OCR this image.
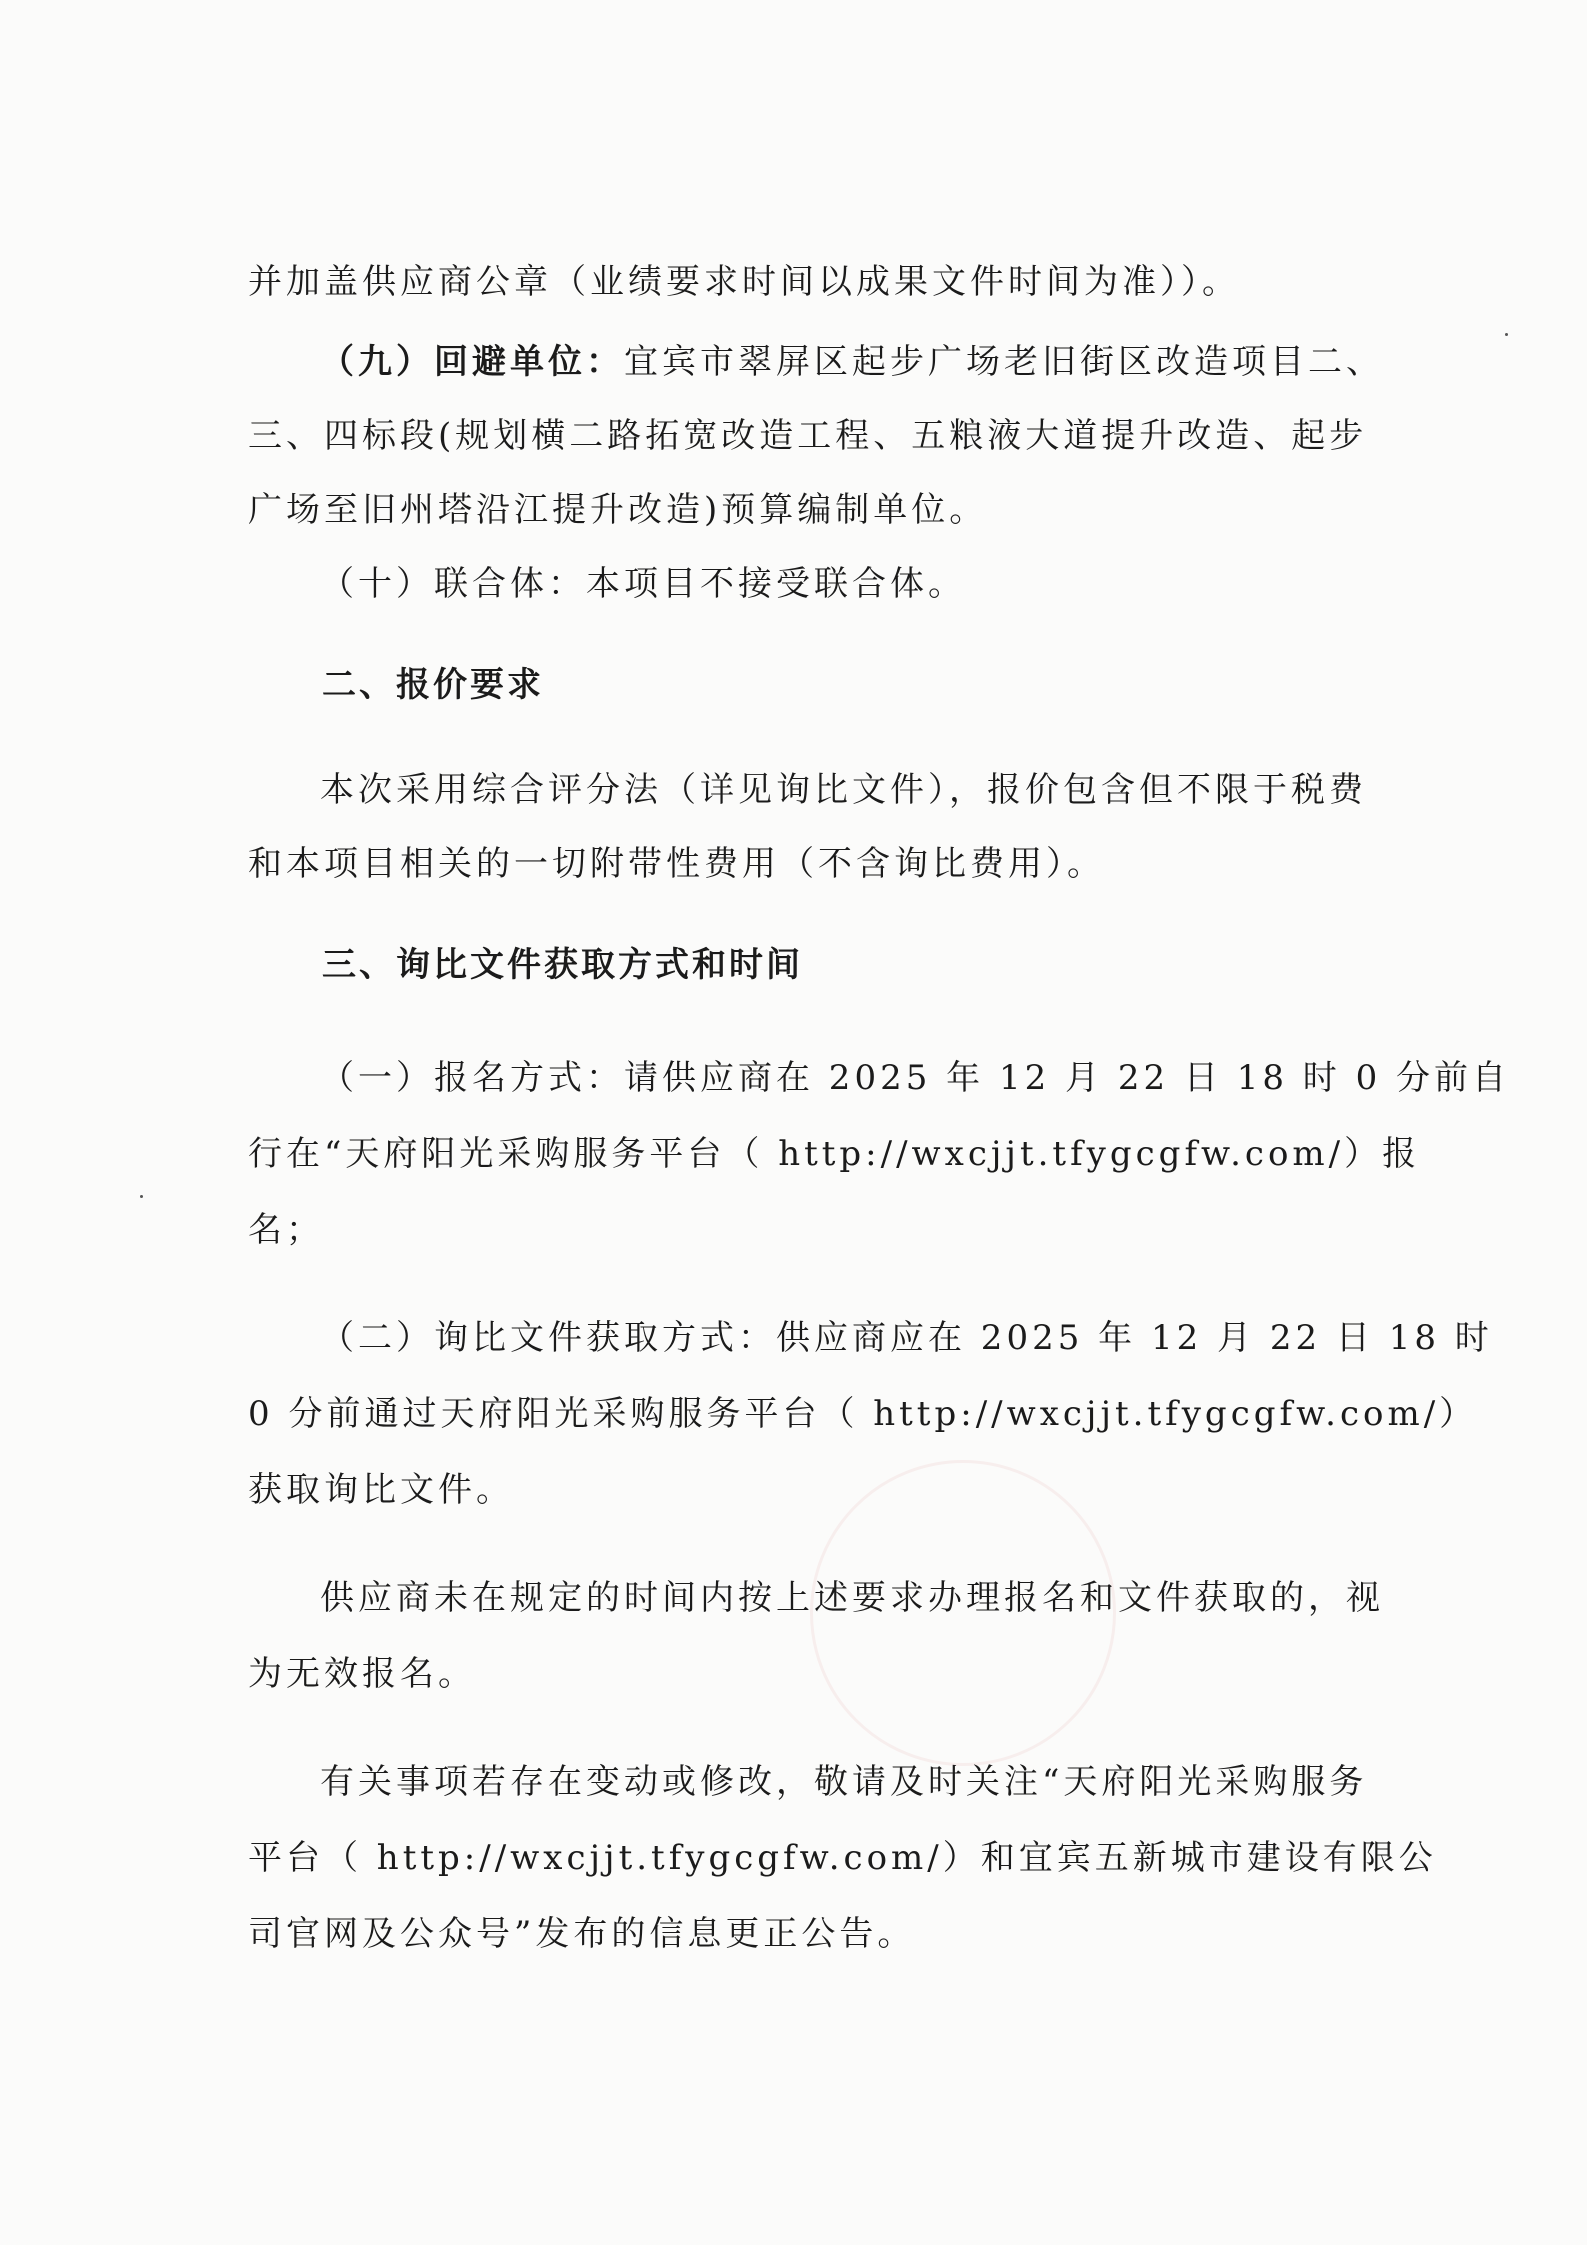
并加盖供应商公章（业绩要求时间以成果文件时间为准））。
（九）回避单位：宜宾市翠屏区起步广场老旧街区改造项目二、
三、四标段(规划横二路拓宽改造工程、五粮液大道提升改造、起步
广场至旧州塔沿江提升改造)预算编制单位。
（十）联合体：本项目不接受联合体。
二、报价要求
本次采用综合评分法（详见询比文件），报价包含但不限于税费
和本项目相关的一切附带性费用（不含询比费用）。
三、询比文件获取方式和时间
（一）报名方式：请供应商在 2025 年 12 月 22 日 18 时 0 分前自
行在“天府阳光采购服务平台（ http://wxcjjt.tfygcgfw.com/）报
名；
（二）询比文件获取方式：供应商应在 2025 年 12 月 22 日 18 时
0 分前通过天府阳光采购服务平台（ http://wxcjjt.tfygcgfw.com/）
获取询比文件。
供应商未在规定的时间内按上述要求办理报名和文件获取的，视
为无效报名。
有关事项若存在变动或修改，敬请及时关注“天府阳光采购服务
平台（ http://wxcjjt.tfygcgfw.com/）和宜宾五新城市建设有限公
司官网及公众号”发布的信息更正公告。
